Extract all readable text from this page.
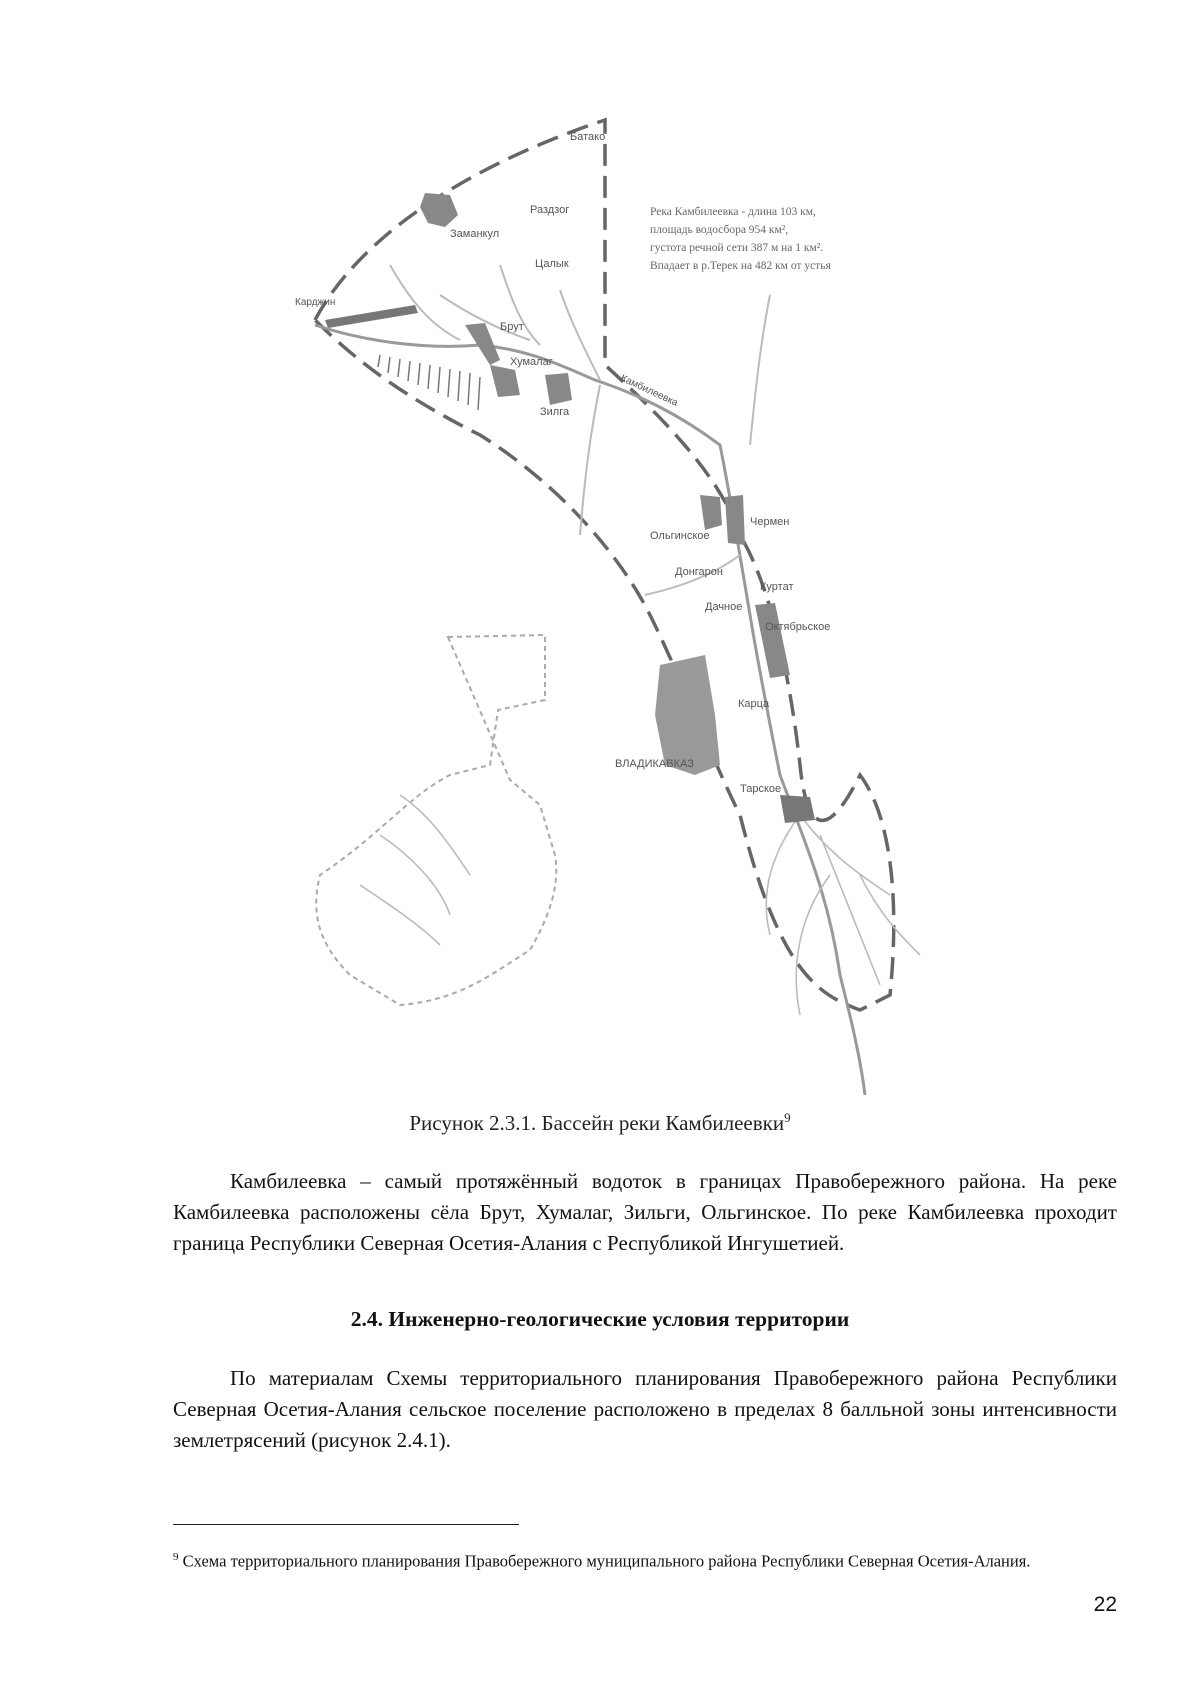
Батако
Раздзог
Заманкул
Цалык
Карджин
Брут
Хумалаг
Зилга
Камбилеевка
Ольгинское
Чермен
Донгарон
Дачное
Куртат
Октябрьское
Карца
ВЛАДИКАВКАЗ
Тарское
Река Камбилеевка - длина 103 км,
площадь водосбора 954 км²,
густота речной сети 387 м на 1 км².
Впадает в р.Терек на 482 км от устья
Рисунок 2.3.1. Бассейн реки Камбилеевки$^9$
Камбилеевка – самый протяжённый водоток в границах Правобережного района. На реке Камбилеевка расположены сёла Брут, Хумалаг, Зильги, Ольгинское. По реке Камбилеевка проходит граница Республики Северная Осетия-Алания с Республикой Ингушетией.
2.4. Инженерно-геологические условия территории
По материалам Схемы территориального планирования Правобережного района Республики Северная Осетия-Алания сельское поселение расположено в пределах 8 балльной зоны интенсивности землетрясений (рисунок 2.4.1).
$^9$ Схема территориального планирования Правобережного муниципального района Республики Северная Осетия-Алания.
22
